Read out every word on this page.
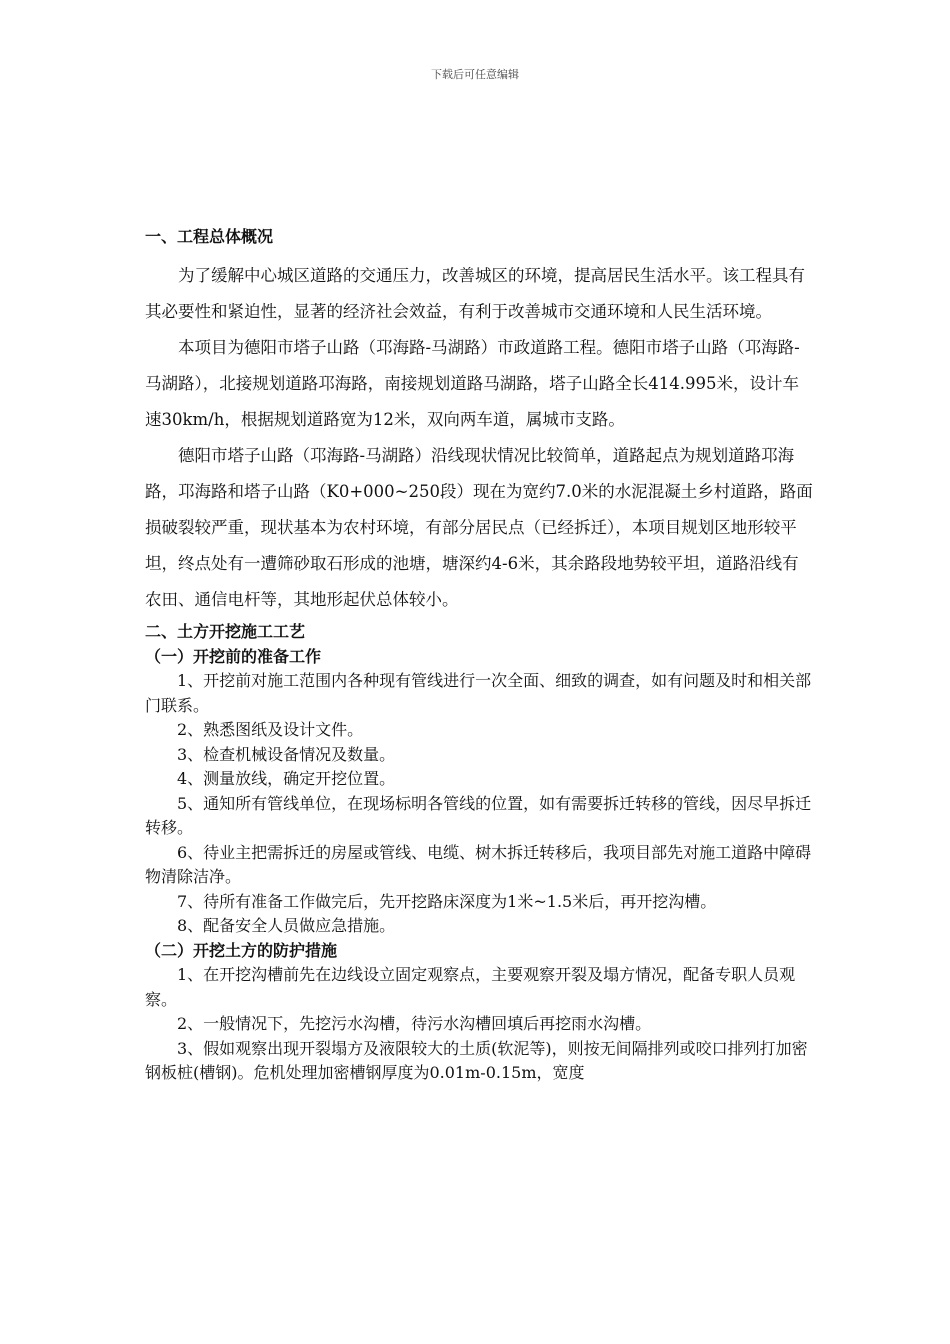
下载后可任意编辑
一、工程总体概况

为了缓解中心城区道路的交通压力，改善城区的环境，提高居民生活水平。该工程具有其必要性和紧迫性，显著的经济社会效益，有利于改善城市交通环境和人民生活环境。

本项目为德阳市塔子山路（邛海路-马湖路）市政道路工程。德阳市塔子山路（邛海路-马湖路），北接规划道路邛海路，南接规划道路马湖路，塔子山路全长414.995米，设计车速30km/h，根据规划道路宽为12米，双向两车道，属城市支路。

德阳市塔子山路（邛海路-马湖路）沿线现状情况比较简单，道路起点为规划道路邛海路，邛海路和塔子山路（K0+000~250段）现在为宽约7.0米的水泥混凝土乡村道路，路面损破裂较严重，现状基本为农村环境，有部分居民点（已经拆迁），本项目规划区地形较平坦，终点处有一遭筛砂取石形成的池塘，塘深约4-6米，其余路段地势较平坦，道路沿线有农田、通信电杆等，其地形起伏总体较小。

二、土方开挖施工工艺
（一）开挖前的准备工作

1、开挖前对施工范围内各种现有管线进行一次全面、细致的调查，如有问题及时和相关部门联系。

2、熟悉图纸及设计文件。

3、检查机械设备情况及数量。

4、测量放线，确定开挖位置。

5、通知所有管线单位，在现场标明各管线的位置，如有需要拆迁转移的管线，因尽早拆迁转移。

6、待业主把需拆迁的房屋或管线、电缆、树木拆迁转移后，我项目部先对施工道路中障碍物清除洁净。

7、待所有准备工作做完后，先开挖路床深度为1米~1.5米后，再开挖沟槽。

8、配备安全人员做应急措施。

（二）开挖土方的防护措施

1、在开挖沟槽前先在边线设立固定观察点，主要观察开裂及塌方情况，配备专职人员观察。

2、一般情况下，先挖污水沟槽，待污水沟槽回填后再挖雨水沟槽。

3、假如观察出现开裂塌方及液限较大的土质(软泥等)，则按无间隔排列或咬口排列打加密钢板桩(槽钢)。危机处理加密槽钢厚度为0.01m-0.15m，宽度
